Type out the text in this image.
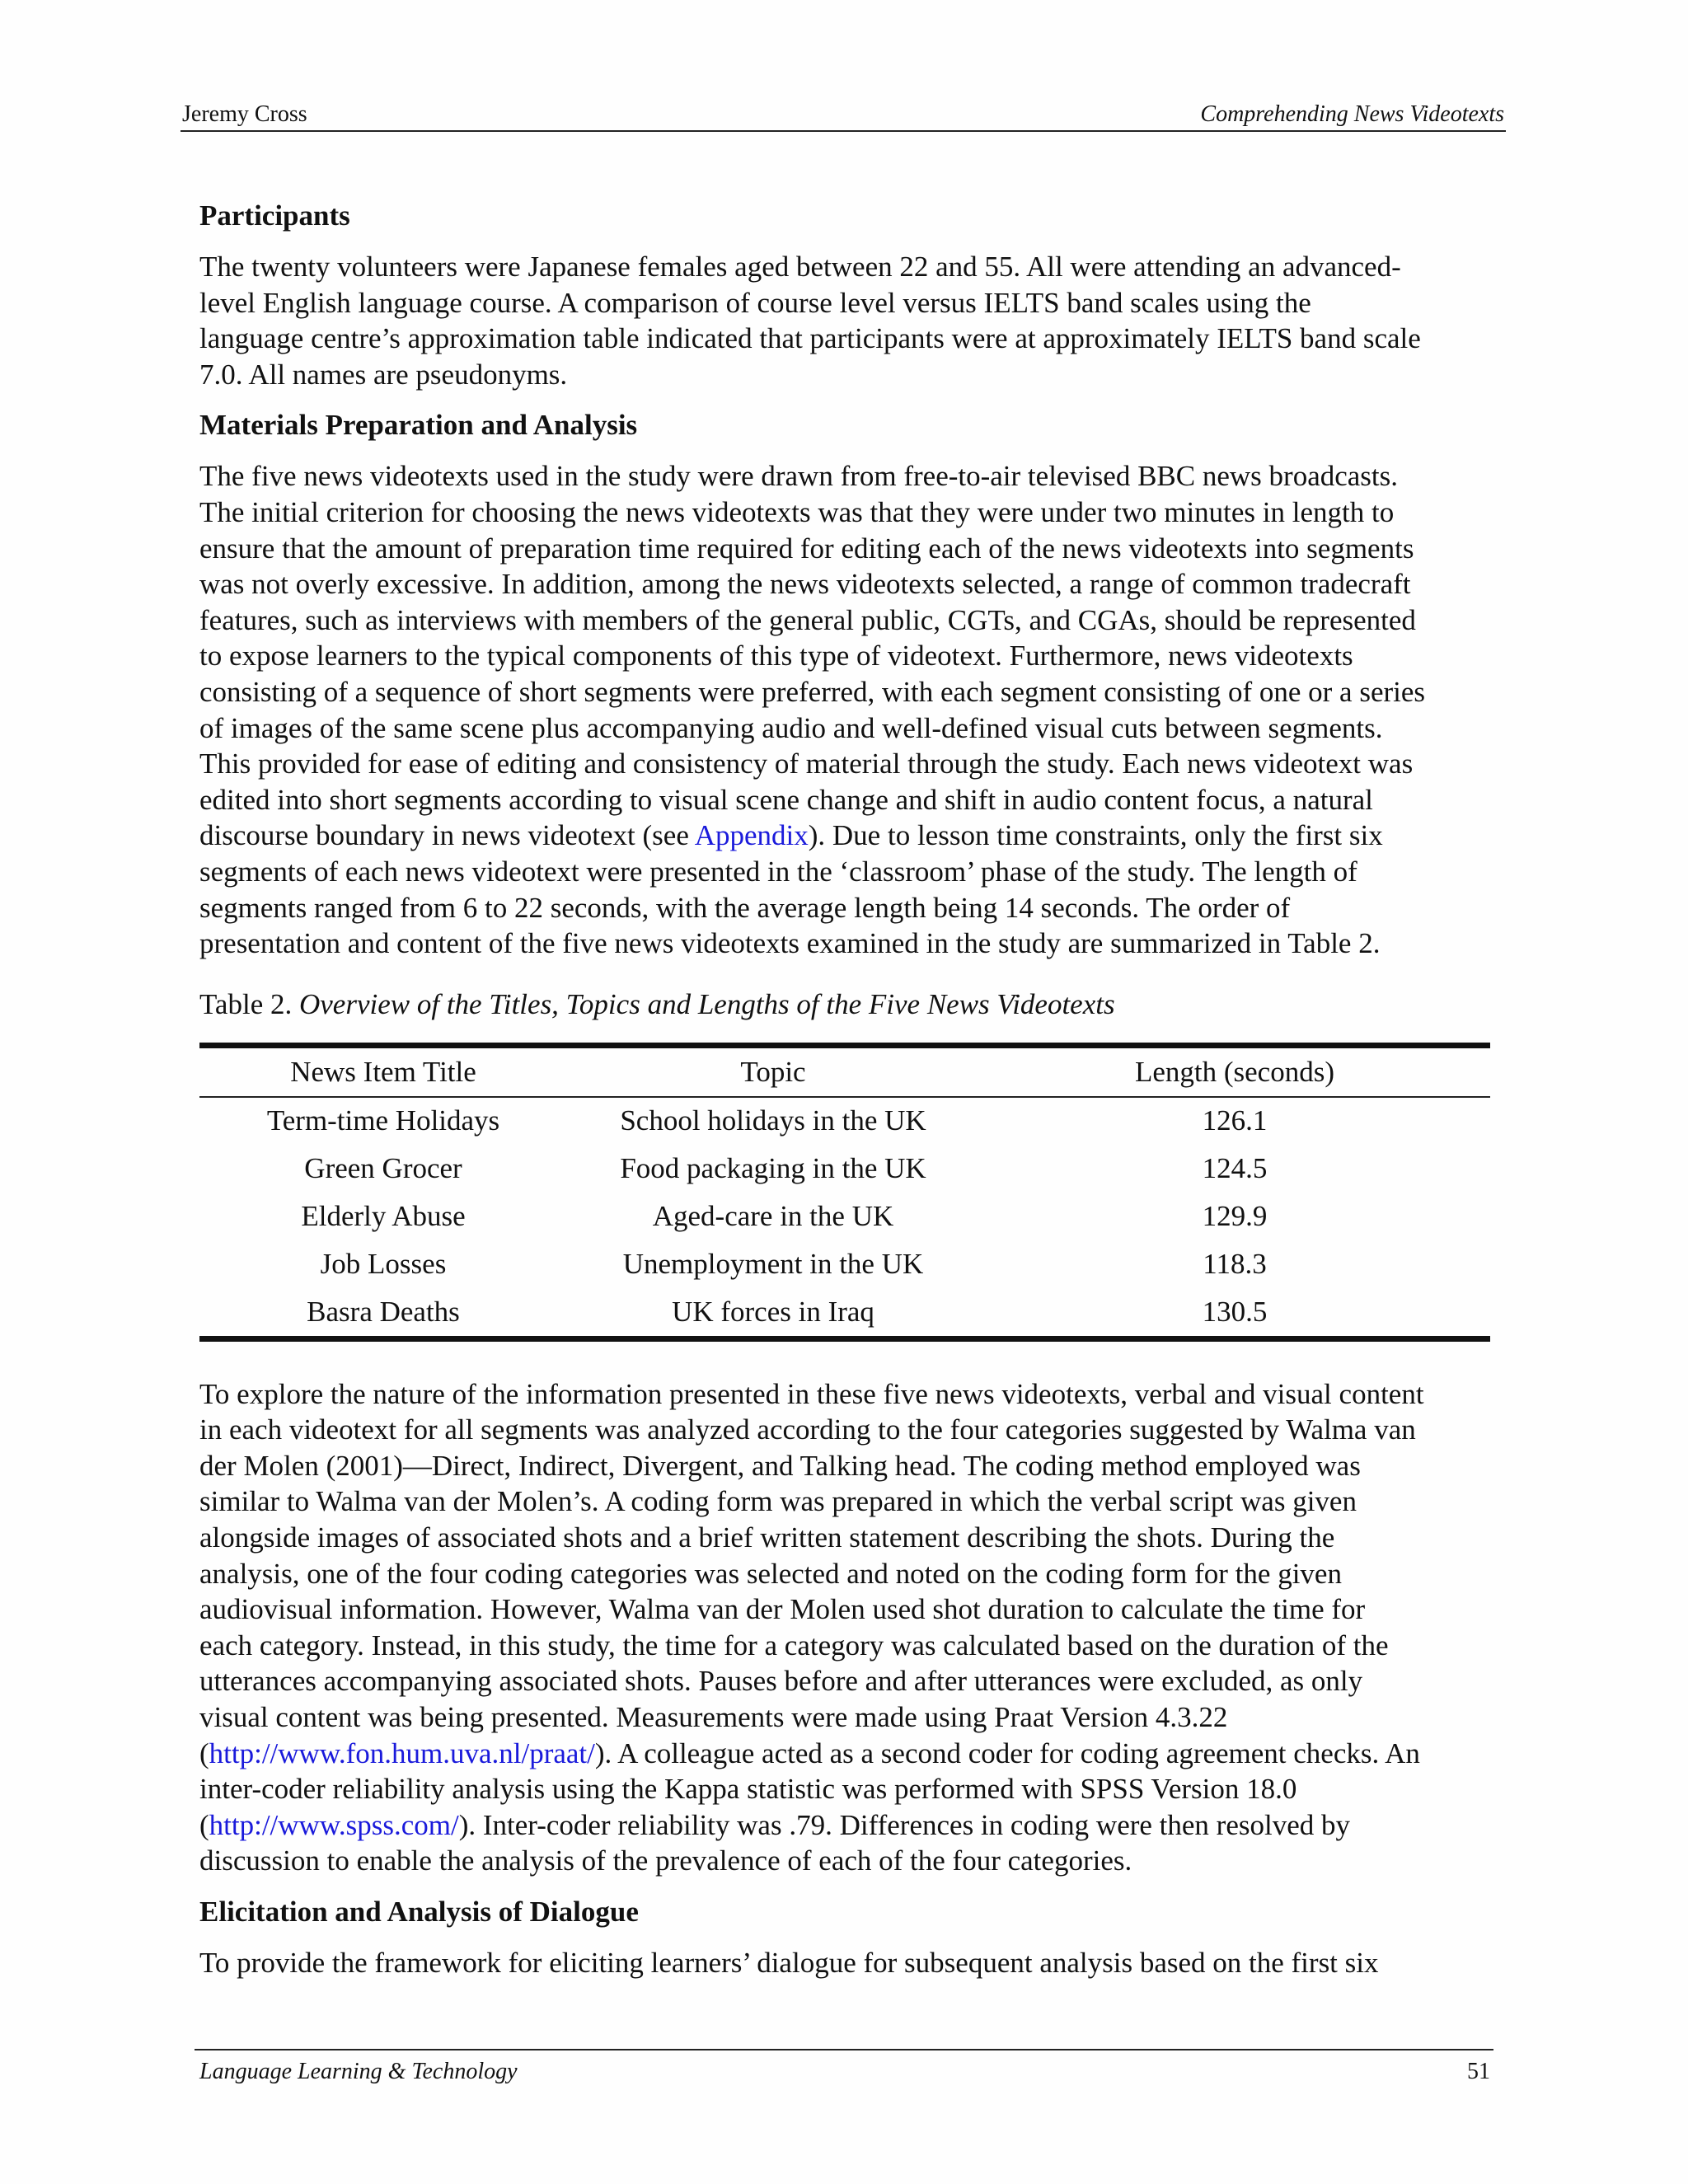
Jeremy Cross	Comprehending News Videotexts
Participants

The twenty volunteers were Japanese females aged between 22 and 55. All were attending an advanced-
level English language course. A comparison of course level versus IELTS band scales using the
language centre’s approximation table indicated that participants were at approximately IELTS band scale
7.0. All names are pseudonyms.

Materials Preparation and Analysis

The five news videotexts used in the study were drawn from free-to-air televised BBC news broadcasts.
The initial criterion for choosing the news videotexts was that they were under two minutes in length to
ensure that the amount of preparation time required for editing each of the news videotexts into segments
was not overly excessive. In addition, among the news videotexts selected, a range of common tradecraft
features, such as interviews with members of the general public, CGTs, and CGAs, should be represented
to expose learners to the typical components of this type of videotext. Furthermore, news videotexts
consisting of a sequence of short segments were preferred, with each segment consisting of one or a series
of images of the same scene plus accompanying audio and well-defined visual cuts between segments.
This provided for ease of editing and consistency of material through the study. Each news videotext was
edited into short segments according to visual scene change and shift in audio content focus, a natural
discourse boundary in news videotext (see Appendix). Due to lesson time constraints, only the first six
segments of each news videotext were presented in the ‘classroom’ phase of the study. The length of
segments ranged from 6 to 22 seconds, with the average length being 14 seconds. The order of
presentation and content of the five news videotexts examined in the study are summarized in Table 2.

Table 2. Overview of the Titles, Topics and Lengths of the Five News Videotexts
News Item Title	Topic	Length (seconds)
Term-time Holidays	School holidays in the UK	126.1
Green Grocer	Food packaging in the UK	124.5
Elderly Abuse	Aged-care in the UK	129.9
Job Losses	Unemployment in the UK	118.3
Basra Deaths	UK forces in Iraq	130.5

To explore the nature of the information presented in these five news videotexts, verbal and visual content
in each videotext for all segments was analyzed according to the four categories suggested by Walma van
der Molen (2001)—Direct, Indirect, Divergent, and Talking head. The coding method employed was
similar to Walma van der Molen’s. A coding form was prepared in which the verbal script was given
alongside images of associated shots and a brief written statement describing the shots. During the
analysis, one of the four coding categories was selected and noted on the coding form for the given
audiovisual information. However, Walma van der Molen used shot duration to calculate the time for
each category. Instead, in this study, the time for a category was calculated based on the duration of the
utterances accompanying associated shots. Pauses before and after utterances were excluded, as only
visual content was being presented. Measurements were made using Praat Version 4.3.22
(http://www.fon.hum.uva.nl/praat/). A colleague acted as a second coder for coding agreement checks. An
inter-coder reliability analysis using the Kappa statistic was performed with SPSS Version 18.0
(http://www.spss.com/). Inter-coder reliability was .79. Differences in coding were then resolved by
discussion to enable the analysis of the prevalence of each of the four categories.

Elicitation and Analysis of Dialogue

To provide the framework for eliciting learners’ dialogue for subsequent analysis based on the first six

Language Learning & Technology	51
